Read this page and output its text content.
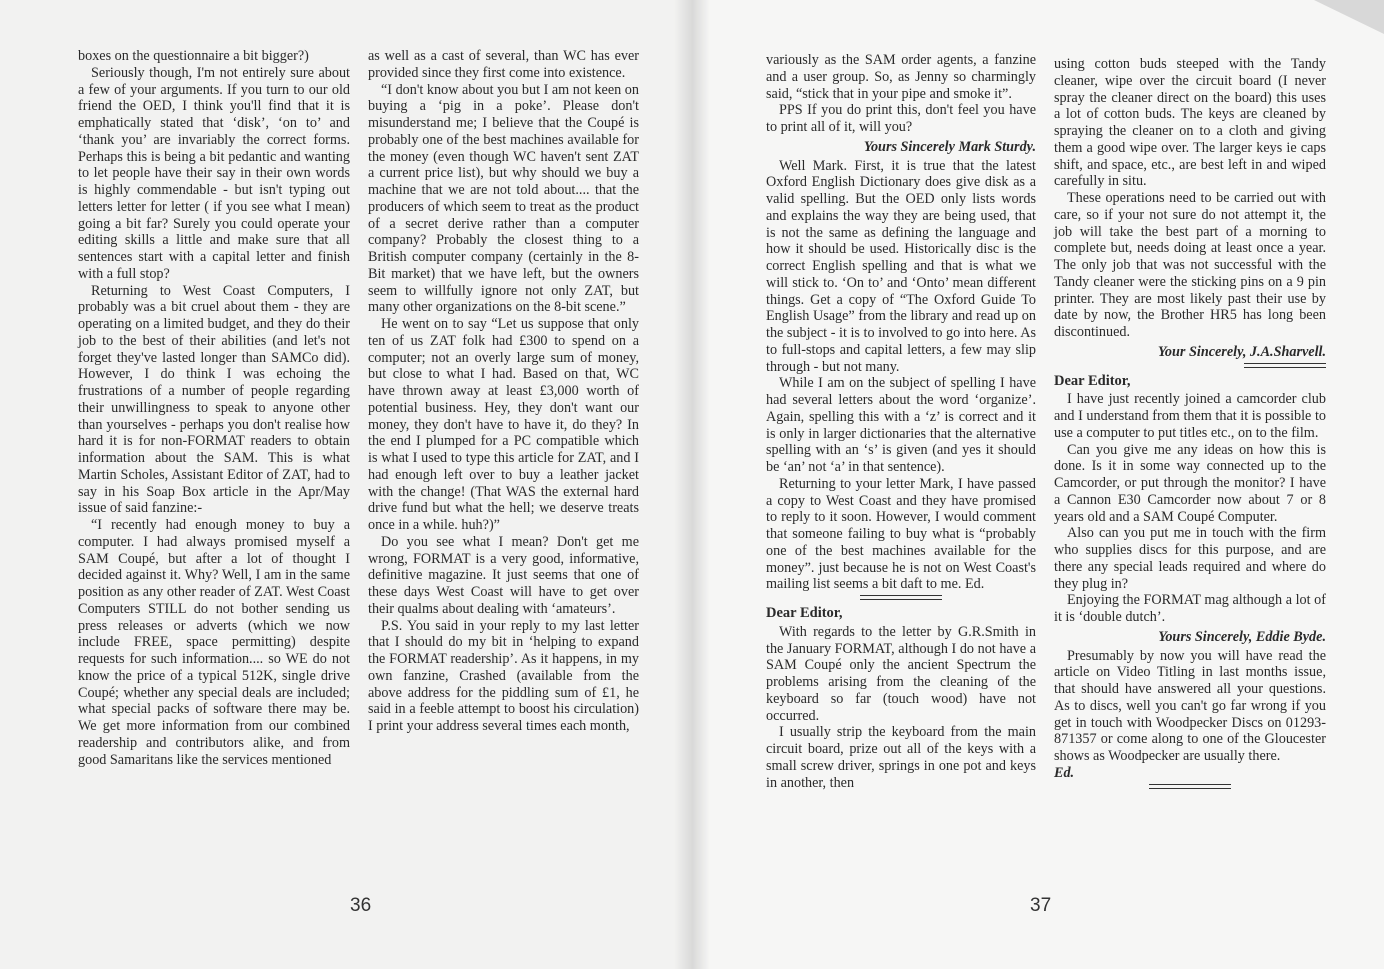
boxes on the questionnaire a bit bigger?)

Seriously though, I'm not entirely sure about a few of your arguments. If you turn to our old friend the OED, I think you'll find that it is emphatically stated that ‘disk’, ‘on to’ and ‘thank you’ are invariably the correct forms. Perhaps this is being a bit pedantic and wanting to let people have their say in their own words is highly commendable - but isn't typing out letters letter for letter ( if you see what I mean) going a bit far? Surely you could operate your editing skills a little and make sure that all sentences start with a capital letter and finish with a full stop?

Returning to West Coast Computers, I probably was a bit cruel about them - they are operating on a limited budget, and they do their job to the best of their abilities (and let's not forget they've lasted longer than SAMCo did). However, I do think I was echoing the frustrations of a number of people regarding their unwillingness to speak to anyone other than yourselves - perhaps you don't realise how hard it is for non-FORMAT readers to obtain information about the SAM. This is what Martin Scholes, Assistant Editor of ZAT, had to say in his Soap Box article in the Apr/May issue of said fanzine:-

“I recently had enough money to buy a computer. I had always promised myself a SAM Coupé, but after a lot of thought I decided against it. Why? Well, I am in the same position as any other reader of ZAT. West Coast Computers STILL do not bother sending us press releases or adverts (which we now include FREE, space permitting) despite requests for such information.... so WE do not know the price of a typical 512K, single drive Coupé; whether any special deals are included; what special packs of software there may be. We get more information from our combined readership and contributors alike, and from good Samaritans like the services mentioned

as well as a cast of several, than WC has ever provided since they first come into existence.

“I don't know about you but I am not keen on buying a ‘pig in a poke’. Please don't misunderstand me; I believe that the Coupé is probably one of the best machines available for the money (even though WC haven't sent ZAT a current price list), but why should we buy a machine that we are not told about.... that the producers of which seem to treat as the product of a secret derive rather than a computer company? Probably the closest thing to a British computer company (certainly in the 8-Bit market) that we have left, but the owners seem to willfully ignore not only ZAT, but many other organizations on the 8-bit scene.”

He went on to say “Let us suppose that only ten of us ZAT folk had £300 to spend on a computer; not an overly large sum of money, but close to what I had. Based on that, WC have thrown away at least £3,000 worth of potential business. Hey, they don't want our money, they don't have to have it, do they? In the end I plumped for a PC compatible which is what I used to type this article for ZAT, and I had enough left over to buy a leather jacket with the change! (That WAS the external hard drive fund but what the hell; we deserve treats once in a while. huh?)”

Do you see what I mean? Don't get me wrong, FORMAT is a very good, informative, definitive magazine. It just seems that one of these days West Coast will have to get over their qualms about dealing with ‘amateurs’.

P.S. You said in your reply to my last letter that I should do my bit in ‘helping to expand the FORMAT readership’. As it happens, in my own fanzine, Crashed (available from the above address for the piddling sum of £1, he said in a feeble attempt to boost his circulation) I print your address several times each month,

36

variously as the SAM order agents, a fanzine and a user group. So, as Jenny so charmingly said, “stick that in your pipe and smoke it”.

PPS If you do print this, don't feel you have to print all of it, will you?

Yours Sincerely Mark Sturdy.

Well Mark. First, it is true that the latest Oxford English Dictionary does give disk as a valid spelling. But the OED only lists words and explains the way they are being used, that is not the same as defining the language and how it should be used. Historically disc is the correct English spelling and that is what we will stick to. ‘On to’ and ‘Onto’ mean different things. Get a copy of “The Oxford Guide To English Usage” from the library and read up on the subject - it is to involved to go into here. As to full-stops and capital letters, a few may slip through - but not many.

While I am on the subject of spelling I have had several letters about the word ‘organize’. Again, spelling this with a ‘z’ is correct and it is only in larger dictionaries that the alternative spelling with an ‘s’ is given (and yes it should be ‘an’ not ‘a’ in that sentence).

Returning to your letter Mark, I have passed a copy to West Coast and they have promised to reply to it soon. However, I would comment that someone failing to buy what is “probably one of the best machines available for the money”. just because he is not on West Coast's mailing list seems a bit daft to me. Ed.

Dear Editor,

With regards to the letter by G.R.Smith in the January FORMAT, although I do not have a SAM Coupé only the ancient Spectrum the problems arising from the cleaning of the keyboard so far (touch wood) have not occurred.

I usually strip the keyboard from the main circuit board, prize out all of the keys with a small screw driver, springs in one pot and keys in another, then

using cotton buds steeped with the Tandy cleaner, wipe over the circuit board (I never spray the cleaner direct on the board) this uses a lot of cotton buds. The keys are cleaned by spraying the cleaner on to a cloth and giving them a good wipe over. The larger keys ie caps shift, and space, etc., are best left in and wiped carefully in situ.

These operations need to be carried out with care, so if your not sure do not attempt it, the job will take the best part of a morning to complete but, needs doing at least once a year. The only job that was not successful with the Tandy cleaner were the sticking pins on a 9 pin printer. They are most likely past their use by date by now, the Brother HR5 has long been discontinued.

Your Sincerely, J.A.Sharvell.

Dear Editor,

I have just recently joined a camcorder club and I understand from them that it is possible to use a computer to put titles etc., on to the film.

Can you give me any ideas on how this is done. Is it in some way connected up to the Camcorder, or put through the monitor? I have a Cannon E30 Camcorder now about 7 or 8 years old and a SAM Coupé Computer.

Also can you put me in touch with the firm who supplies discs for this purpose, and are there any special leads required and where do they plug in?

Enjoying the FORMAT mag although a lot of it is ‘double dutch’.

Yours Sincerely, Eddie Byde.

Presumably by now you will have read the article on Video Titling in last months issue, that should have answered all your questions. As to discs, well you can't go far wrong if you get in touch with Woodpecker Discs on 01293-871357 or come along to one of the Gloucester shows as Woodpecker are usually there.

Ed.

37
